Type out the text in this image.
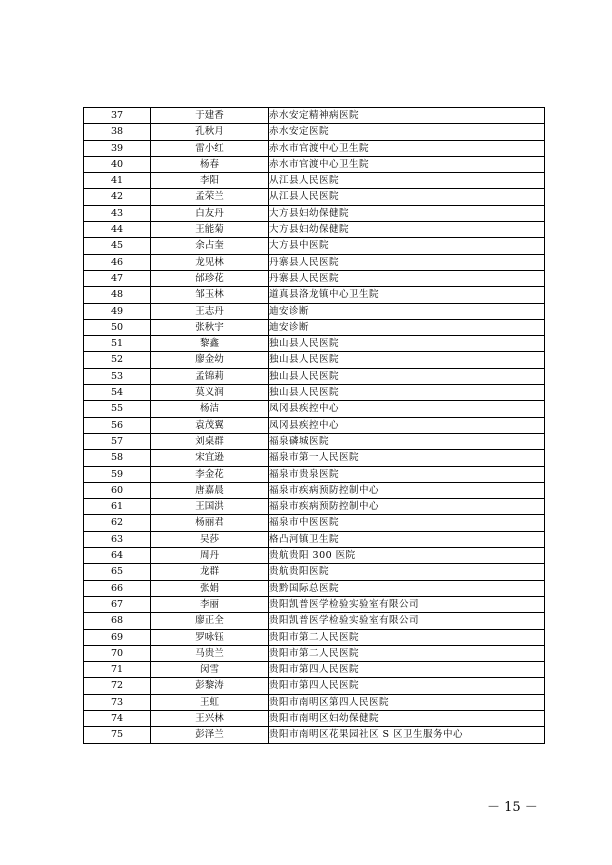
37	于建香	赤水安定精神病医院
38	孔秋月	赤水安定医院
39	雷小红	赤水市官渡中心卫生院
40	杨春	赤水市官渡中心卫生院
41	李阳	从江县人民医院
42	孟荣兰	从江县人民医院
43	白友丹	大方县妇幼保健院
44	王能菊	大方县妇幼保健院
45	余占奎	大方县中医院
46	龙见林	丹寨县人民医院
47	邰珍花	丹寨县人民医院
48	邹玉林	道真县洛龙镇中心卫生院
49	王志丹	迪安诊断
50	张秋宇	迪安诊断
51	黎鑫	独山县人民医院
52	廖金幼	独山县人民医院
53	孟锦莉	独山县人民医院
54	莫义润	独山县人民医院
55	杨洁	凤冈县疾控中心
56	袁茂翼	凤冈县疾控中心
57	刘桌群	福泉磷城医院
58	宋宜逊	福泉市第一人民医院
59	李金花	福泉市贵泉医院
60	唐嘉晨	福泉市疾病预防控制中心
61	王国洪	福泉市疾病预防控制中心
62	杨丽君	福泉市中医医院
63	吴莎	格凸河镇卫生院
64	周丹	贵航贵阳 300 医院
65	龙群	贵航贵阳医院
66	张娟	贵黔国际总医院
67	李丽	贵阳凯普医学检验实验室有限公司
68	廖正全	贵阳凯普医学检验实验室有限公司
69	罗咏钰	贵阳市第二人民医院
70	马贵兰	贵阳市第二人民医院
71	闵雪	贵阳市第四人民医院
72	彭黎涛	贵阳市第四人民医院
73	王虹	贵阳市南明区第四人民医院
74	王兴林	贵阳市南明区妇幼保健院
75	彭泽兰	贵阳市南明区花果园社区 S 区卫生服务中心
－ 15 －
